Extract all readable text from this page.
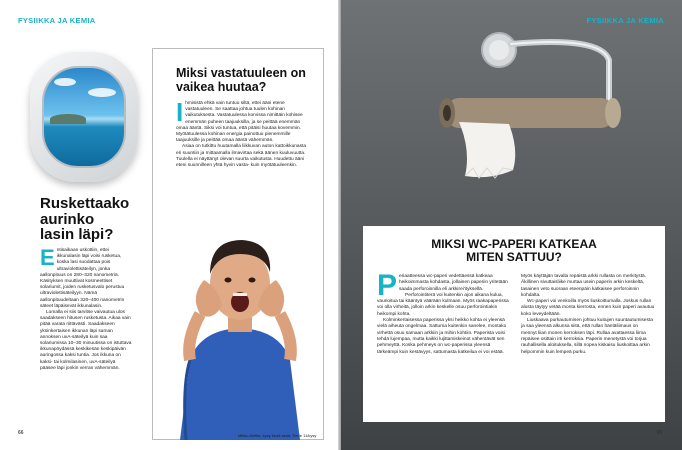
FYSIIKKA JA KEMIA
Ruskettaako aurinko lasin läpi?
E ntisaikaan uskottiin, ettei ikkunalasin läpi voisi rusketua, koska lasi suodattaa pois ultraviolettisäteilyn, jonka aallonpituus on 280–320 nanometriä. Käsityksen muuttivat kosmeettiset solariumit, joiden rusketusvalo perustuu ultraviolettisäteilyyn. Nämä aallonpituudeltaan 320–400 nanometrin säteet läpäisevät ikkunalasin.

Lomalla ei siis tarvitse vaivautua ulos saadakseen hitusen rusketusta. Aikaa vain pitää varata riittävästi. Saadakseen yksinkertaisen ikkunan läpi saman annoksen uvA-säteilyä kuin saa solariumissa 10–30 minuutissa on istuttava ikkunapöydässä keskikesän keskipäivän auringossa kaksi tuntia. Jos ikkuna on kaksi- tai kolmilasinen, uvA-säteilyä pääsee läpi jonkin verran vähemmän.

Miksi vastatuuleen on vaikea huutaa?
I hmisistä ehkä vain tuntuu siltä, ettei ääni etene vastatuuleen. Se saattaa johtua tuulen kohinan vaikutuksesta. Vastatuulessa korvissa nimittäin kohisee enemmän puheen taajuuksilla, ja se peittää enemmän omaa ääntä. Siksi voi tuntua, että pitäisi huutaa kovemmin. Myötätuulessa kohinan energia painottuu pienemmille taajuuksille ja peittää omaa ääntä vähemmän.

Asiaa on tutkittu huutamalla liikkuvan auton kattoikkunasta eri suuntiin ja mittaamalla ilmavirtaa sekä äänen kuuluvuutta. Tuulella ei näyttänyt olevan suurta vaikutusta. Huudettu ääni eteni suunnilleen yhtä hyvin vasta- kuin myötätuuleenkin.

Mikko Anttila, kysy tiedä asiat: Tiede 11/kysy
66
FYSIIKKA JA KEMIA
MIKSI WC-PAPERI KATKEAA MITEN SATTUU?
P eriaatteessa wc-paperi vedettäessä katkeaa heikoimmasta kohdasta, jollainen paperiin yritetään saada perforoinnilla eli arkkirei'ityksellä.

Perforointiterä voi kuitenkin ajon aikana kulua, vaurioitua tai kääntyä väärään kulmaan. Myös raakapaperissa voi olla virheitä, jolloin arkin keskelle osuu perforointiakin heikompi kohta.

Kolminkertaisessa paperissa yksi heikko kohta ei yleensä vielä aiheuta ongelmaa. Sattuma kuitenkin sanelee, montako virhettä osuu samaan arkkiin ja mihin kohtiin. Paperista voisi tehdä lujempaa, mutta kaikki lujittamiskeinot vähentävät sen pehmeyttä. Koska pehmeys on wc-paperissa yleensä tärkeämpi kuin kestävyys, sattumasta katkeilua ei voi estää.

Myös käyttäjän tavalla repäistä arkki rullasta on merkitystä. Äkillinen sivuttaisliike murtaa usein paperin arkin keskeltä, tasainen veto suoraan eteenpäin katkaisee perforoinnin kohdalta.

Wc-paperi voi venkoilla myös liuskoittumalla. Joskus rullan alusta täytyy vetää monta kierrosta, ennen kuin paperi avautuu koko leveydeltään.

Liuskaava purkautuminen johtuu kuitujen suuntautumisesta ja saa yleensä alkunsa siitä, että rullan häntäliimaus on mennyt liian monen kerroksen läpi. Rullaa avattaessa liima repäisee osittain irti kerroksia. Paperin menetystä voi torjua rauhallisella aloituksella, sillä nopea kiskaisu liuskoittaa arkin helpommin kuin lempeä purku.

65
